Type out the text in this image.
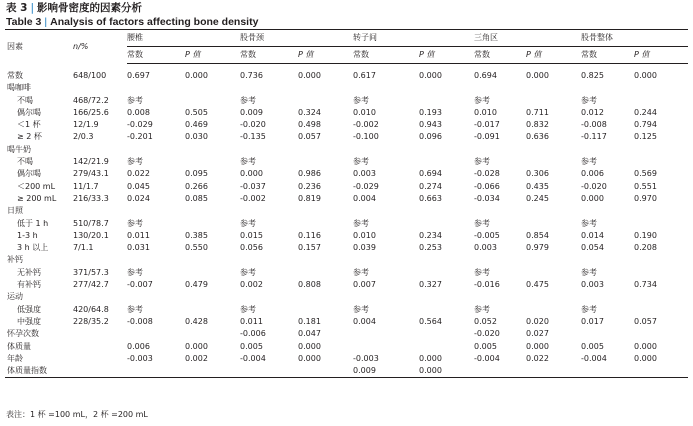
表 3 | 影响骨密度的因素分析
Table 3 | Analysis of factors affecting bone density
因素	n/%	腰椎		股骨颈		转子间		三角区		股骨整体	
		常数	P 值	常数	P 值	常数	P 值	常数	P 值	常数	P 值

常数	648/100	0.697	0.000	0.736	0.000	0.617	0.000	0.694	0.000	0.825	0.000
喝咖啡											
不喝	468/72.2	参考		参考		参考		参考		参考	
偶尔喝	166/25.6	0.008	0.505	0.009	0.324	0.010	0.193	0.010	0.711	0.012	0.244
＜1 杯	12/1.9	-0.029	0.469	-0.020	0.498	-0.002	0.943	-0.017	0.832	-0.008	0.794
≥ 2 杯	2/0.3	-0.201	0.030	-0.135	0.057	-0.100	0.096	-0.091	0.636	-0.117	0.125
喝牛奶											
不喝	142/21.9	参考		参考		参考		参考		参考	
偶尔喝	279/43.1	0.022	0.095	0.000	0.986	0.003	0.694	-0.028	0.306	0.006	0.569
＜200 mL	11/1.7	0.045	0.266	-0.037	0.236	-0.029	0.274	-0.066	0.435	-0.020	0.551
≥ 200 mL	216/33.3	0.024	0.085	-0.002	0.819	0.004	0.663	-0.034	0.245	0.000	0.970
日照											
低于 1 h	510/78.7	参考		参考		参考		参考		参考	
1-3 h	130/20.1	0.011	0.385	0.015	0.116	0.010	0.234	-0.005	0.854	0.014	0.190
3 h 以上	7/1.1	0.031	0.550	0.056	0.157	0.039	0.253	0.003	0.979	0.054	0.208
补钙											
无补钙	371/57.3	参考		参考		参考		参考		参考	
有补钙	277/42.7	-0.007	0.479	0.002	0.808	0.007	0.327	-0.016	0.475	0.003	0.734
运动											
低强度	420/64.8	参考		参考		参考		参考		参考	
中强度	228/35.2	-0.008	0.428	0.011	0.181	0.004	0.564	0.052	0.020	0.017	0.057
怀孕次数				-0.006	0.047			-0.020	0.027		
体质量		0.006	0.000	0.005	0.000			0.005	0.000	0.005	0.000
年龄		-0.003	0.002	-0.004	0.000	-0.003	0.000	-0.004	0.022	-0.004	0.000
体质量指数						0.009	0.000				
表注：1 杯 =100 mL，2 杯 =200 mL
